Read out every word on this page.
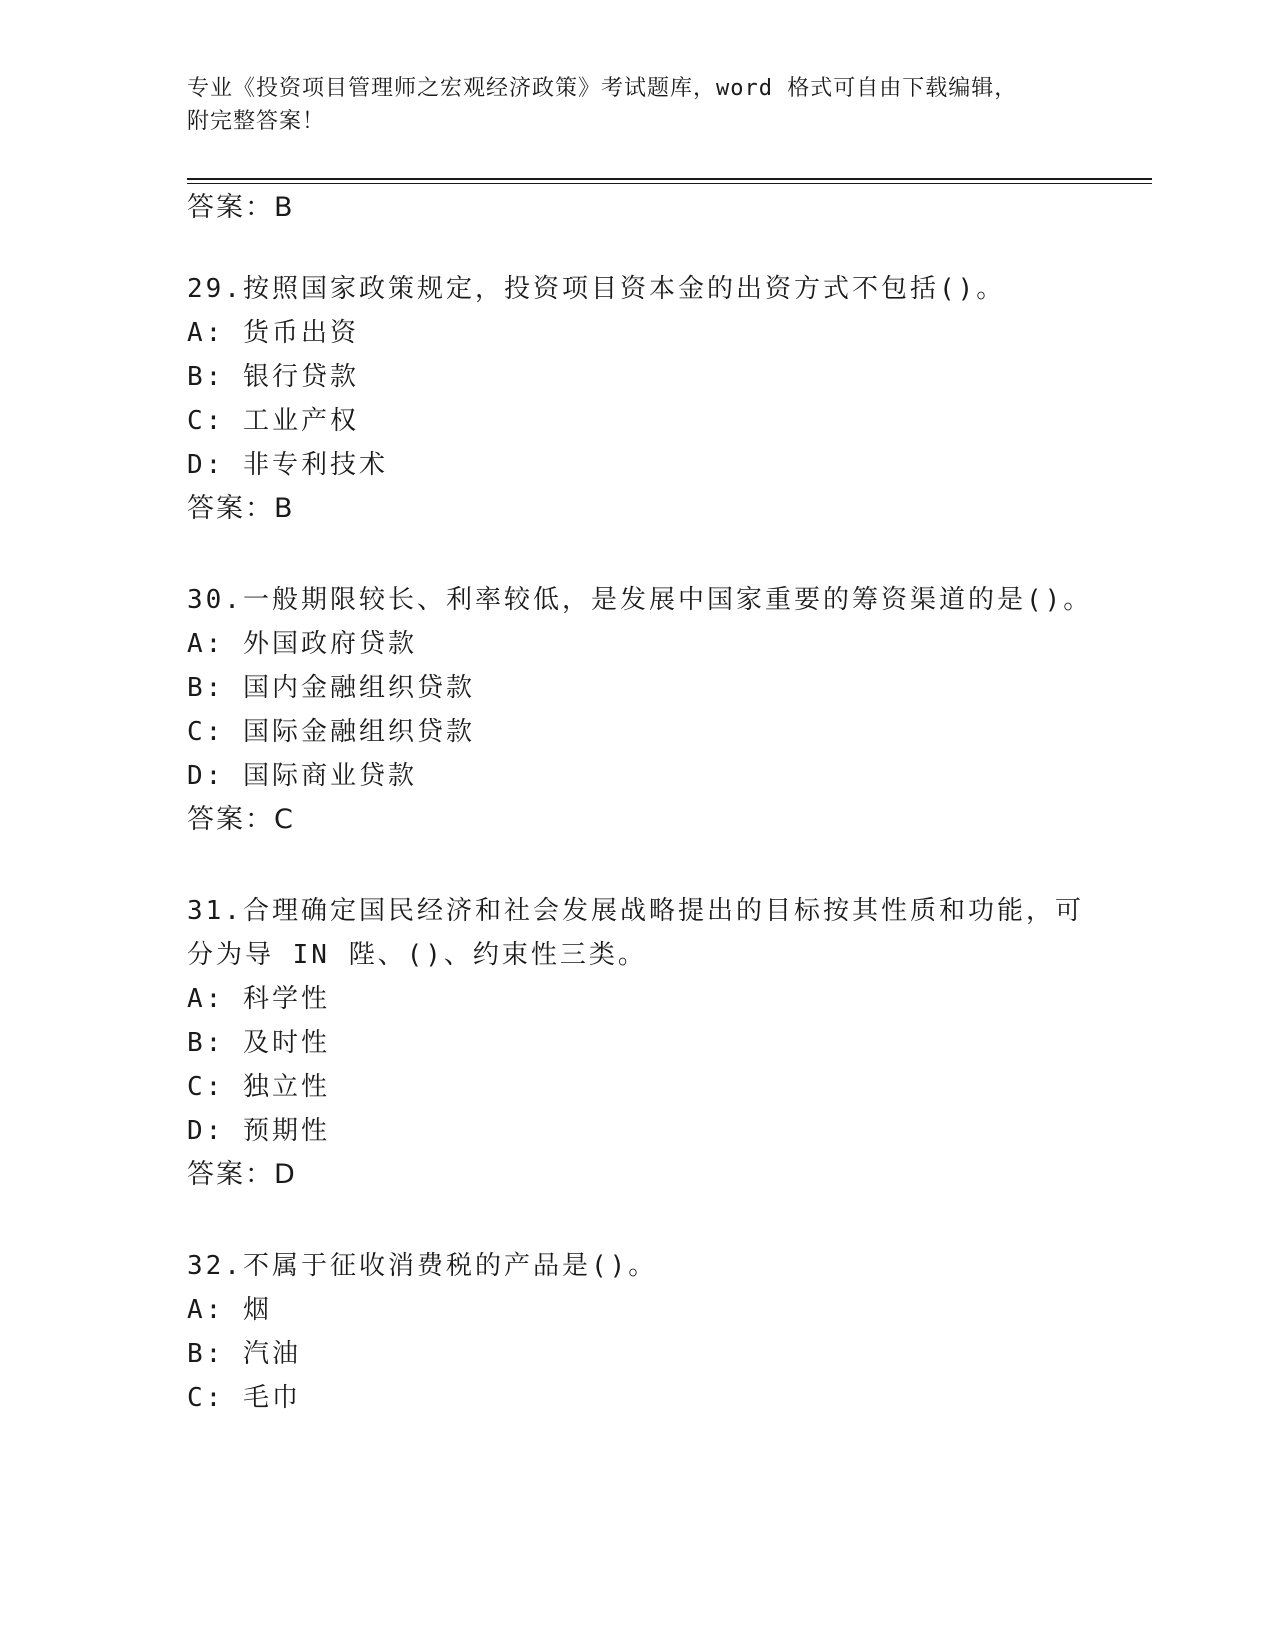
专业《投资项目管理师之宏观经济政策》考试题库，word 格式可自由下载编辑，
附完整答案！
答案：B
29.按照国家政策规定，投资项目资本金的出资方式不包括()。
A: 货币出资
B: 银行贷款
C: 工业产权
D: 非专利技术
答案：B
30.一般期限较长、利率较低，是发展中国家重要的筹资渠道的是()。
A: 外国政府贷款
B: 国内金融组织贷款
C: 国际金融组织贷款
D: 国际商业贷款
答案：C
31.合理确定国民经济和社会发展战略提出的目标按其性质和功能，可
分为导 IN 陛、()、约束性三类。
A: 科学性
B: 及时性
C: 独立性
D: 预期性
答案：D
32.不属于征收消费税的产品是()。
A: 烟
B: 汽油
C: 毛巾
